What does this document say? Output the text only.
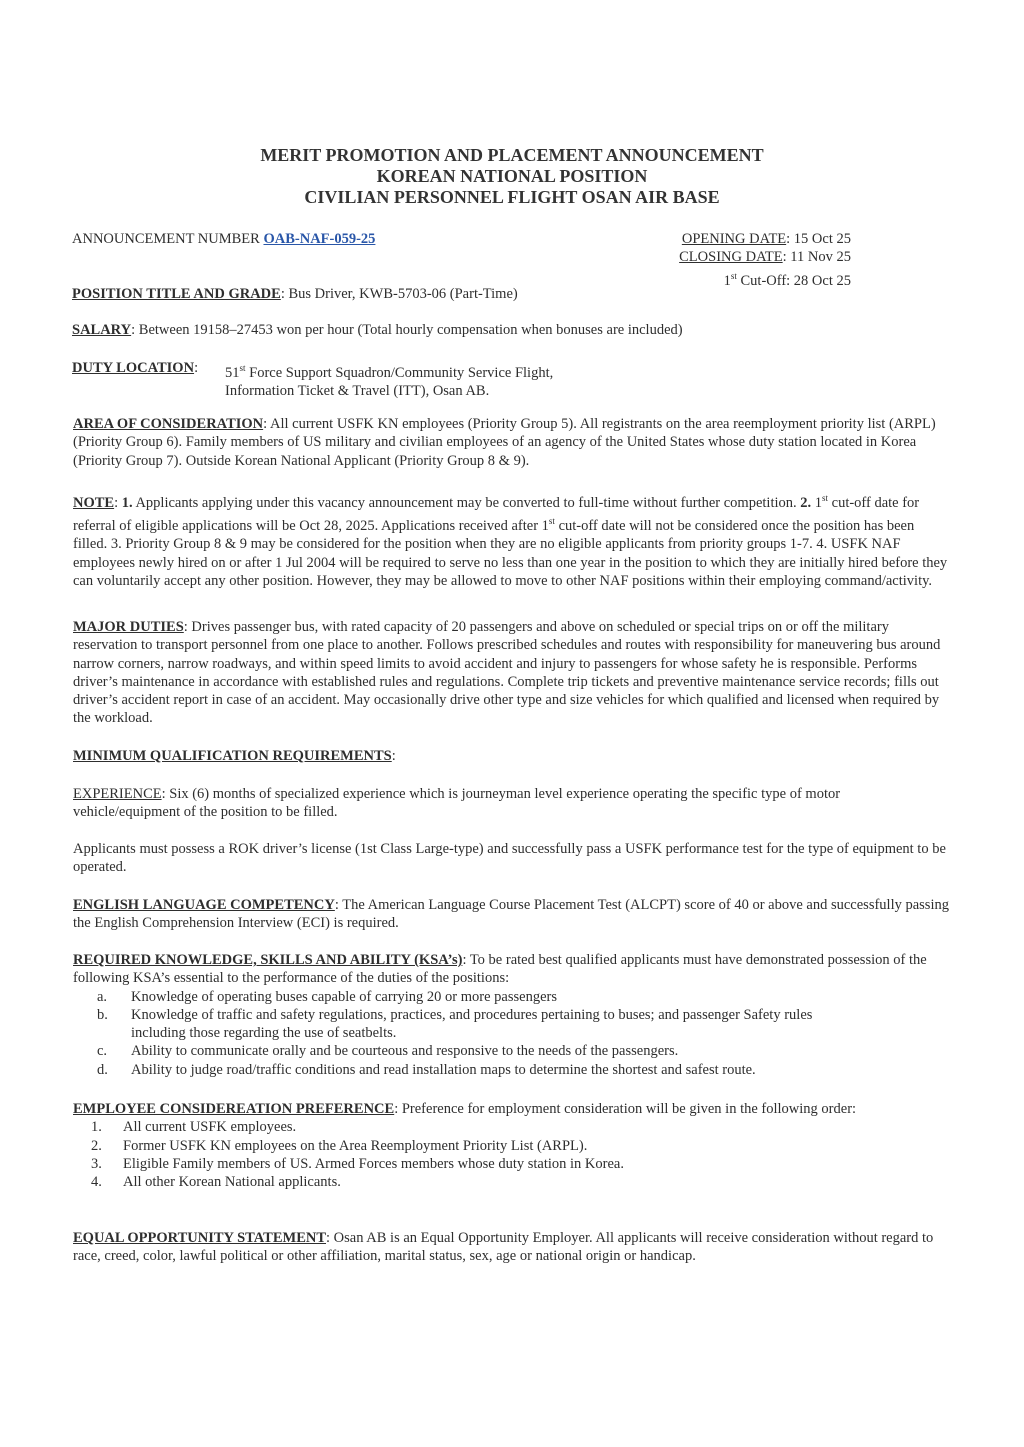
MERIT PROMOTION AND PLACEMENT ANNOUNCEMENT
KOREAN NATIONAL POSITION
CIVILIAN PERSONNEL FLIGHT OSAN AIR BASE
ANNOUNCEMENT NUMBER OAB-NAF-059-25	OPENING DATE: 15 Oct 25
CLOSING DATE: 11 Nov 25
1st Cut-Off: 28 Oct 25
POSITION TITLE AND GRADE: Bus Driver, KWB-5703-06 (Part-Time)
SALARY: Between 19158–27453 won per hour (Total hourly compensation when bonuses are included)
DUTY LOCATION: 51st Force Support Squadron/Community Service Flight,
Information Ticket & Travel (ITT), Osan AB.
AREA OF CONSIDERATION: All current USFK KN employees (Priority Group 5). All registrants on the area reemployment priority list (ARPL) (Priority Group 6). Family members of US military and civilian employees of an agency of the United States whose duty station located in Korea (Priority Group 7). Outside Korean National Applicant (Priority Group 8 & 9).
NOTE: 1. Applicants applying under this vacancy announcement may be converted to full-time without further competition. 2. 1st cut-off date for referral of eligible applications will be Oct 28, 2025. Applications received after 1st cut-off date will not be considered once the position has been filled. 3. Priority Group 8 & 9 may be considered for the position when they are no eligible applicants from priority groups 1-7. 4. USFK NAF employees newly hired on or after 1 Jul 2004 will be required to serve no less than one year in the position to which they are initially hired before they can voluntarily accept any other position. However, they may be allowed to move to other NAF positions within their employing command/activity.
MAJOR DUTIES: Drives passenger bus, with rated capacity of 20 passengers and above on scheduled or special trips on or off the military reservation to transport personnel from one place to another. Follows prescribed schedules and routes with responsibility for maneuvering bus around narrow corners, narrow roadways, and within speed limits to avoid accident and injury to passengers for whose safety he is responsible. Performs driver’s maintenance in accordance with established rules and regulations. Complete trip tickets and preventive maintenance service records; fills out driver’s accident report in case of an accident. May occasionally drive other type and size vehicles for which qualified and licensed when required by the workload.
MINIMUM QUALIFICATION REQUIREMENTS:
EXPERIENCE: Six (6) months of specialized experience which is journeyman level experience operating the specific type of motor vehicle/equipment of the position to be filled.
Applicants must possess a ROK driver’s license (1st Class Large-type) and successfully pass a USFK performance test for the type of equipment to be operated.
ENGLISH LANGUAGE COMPETENCY: The American Language Course Placement Test (ALCPT) score of 40 or above and successfully passing the English Comprehension Interview (ECI) is required.
REQUIRED KNOWLEDGE, SKILLS AND ABILITY (KSA’s): To be rated best qualified applicants must have demonstrated possession of the following KSA’s essential to the performance of the duties of the positions:
a. Knowledge of operating buses capable of carrying 20 or more passengers
b. Knowledge of traffic and safety regulations, practices, and procedures pertaining to buses; and passenger Safety rules including those regarding the use of seatbelts.
c. Ability to communicate orally and be courteous and responsive to the needs of the passengers.
d. Ability to judge road/traffic conditions and read installation maps to determine the shortest and safest route.
EMPLOYEE CONSIDEREATION PREFERENCE: Preference for employment consideration will be given in the following order:
1. All current USFK employees.
2. Former USFK KN employees on the Area Reemployment Priority List (ARPL).
3. Eligible Family members of US. Armed Forces members whose duty station in Korea.
4. All other Korean National applicants.
EQUAL OPPORTUNITY STATEMENT: Osan AB is an Equal Opportunity Employer. All applicants will receive consideration without regard to race, creed, color, lawful political or other affiliation, marital status, sex, age or national origin or handicap.
